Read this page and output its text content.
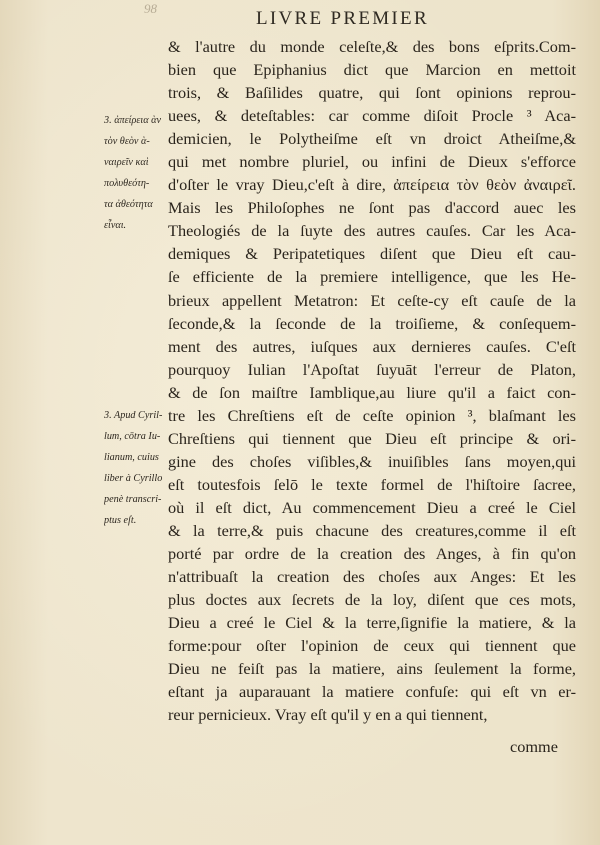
98	LIVRE PREMIER
3. ἀπείρεια ὰν
τὸν θεὸν ὰ-
ναιρεῖν καὶ
πολυθεότη-
τα ἀθεότητα
εἶναι.
3. Apud Cyril-
lum, cōtra Iu-
lianum, cuius
liber à Cyrillo
penè transcri-
ptus eſt.
& l'autre du monde celeſte,& des bons eſprits.Com-
bien que Epiphanius dict que Marcion en mettoit
trois, & Baſilides quatre, qui ſont opinions reprou-
uees, & deteſtables: car comme diſoit Procle ³ Aca-
demicien, le Polytheiſme eſt vn droict Atheiſme,&
qui met nombre pluriel, ou infini de Dieux s'efforce
d'oſter le vray Dieu,c'eſt à dire, ἀπείρεια τὸν θεὸν ἀναιρεῖ.
Mais les Philoſophes ne ſont pas d'accord auec les
Theologiés de la ſuyte des autres cauſes. Car les Aca-
demiques & Peripatetiques diſent que Dieu eſt cau-
ſe efficiente de la premiere intelligence, que les He-
brieux appellent Metatron: Et ceſte-cy eſt cauſe de la
ſeconde,& la ſeconde de la troiſieme, & conſequem-
ment des autres, iuſques aux dernieres cauſes. C'eſt
pourquoy Iulian l'Apoſtat ſuyuāt l'erreur de Platon,
& de ſon maiſtre Iamblique,au liure qu'il a faict con-
tre les Chreſtiens eſt de ceſte opinion ³, blaſmant les
Chreſtiens qui tiennent que Dieu eſt principe & ori-
gine des choſes viſibles,& inuiſibles ſans moyen,qui
eſt toutesfois ſelō le texte formel de l'hiſtoire ſacree,
où il eſt dict, Au commencement Dieu a creé le Ciel
& la terre,& puis chacune des creatures,comme il eſt
porté par ordre de la creation des Anges, à fin qu'on
n'attribuaſt la creation des choſes aux Anges: Et les
plus doctes aux ſecrets de la loy, diſent que ces mots,
Dieu a creé le Ciel & la terre,ſignifie la matiere, & la
forme:pour oſter l'opinion de ceux qui tiennent que
Dieu ne feiſt pas la matiere, ains ſeulement la forme,
eſtant ja auparauant la matiere confuſe: qui eſt vn er-
reur pernicieux. Vray eſt qu'il y en a qui tiennent,
comme
